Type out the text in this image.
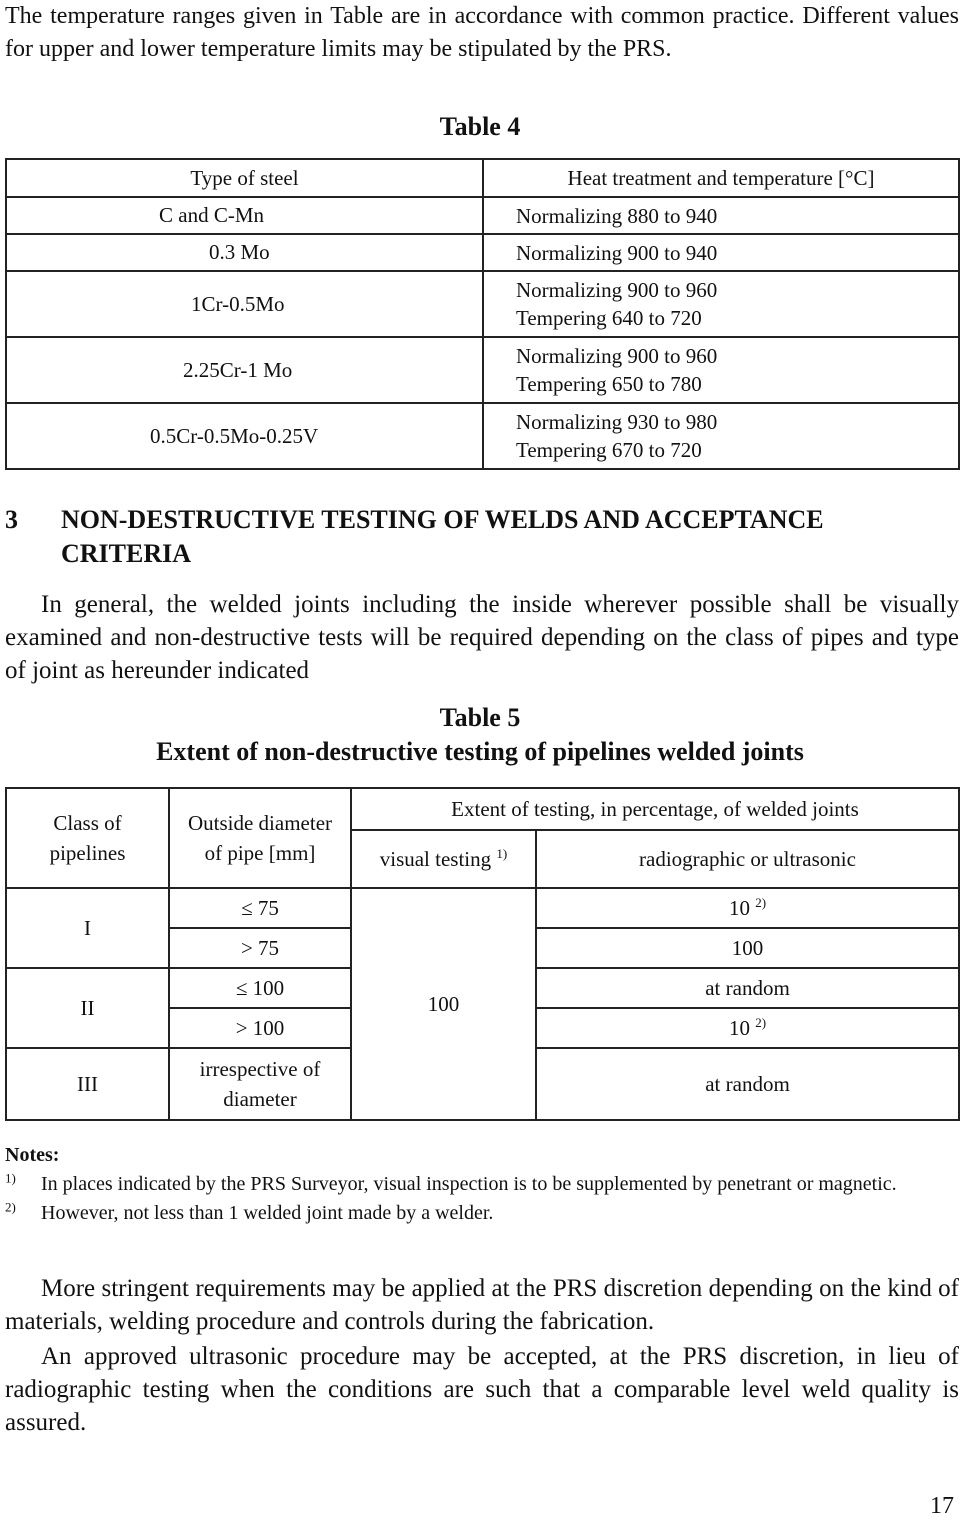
The temperature ranges given in Table are in accordance with common practice. Different values for upper and lower temperature limits may be stipulated by the PRS.
Table 4
Type of steel	Heat treatment and temperature [°C]
C and C-Mn	Normalizing 880 to 940
0.3 Mo	Normalizing 900 to 940
1Cr-0.5Mo	Normalizing 900 to 960
Tempering 640 to 720

2.25Cr-1 Mo	Normalizing 900 to 960
Tempering 650 to 780

0.5Cr-0.5Mo-0.25V	Normalizing 930 to 980
Tempering 670 to 720
3 NON-DESTRUCTIVE TESTING OF WELDS AND ACCEPTANCE CRITERIA
In general, the welded joints including the inside wherever possible shall be visually examined and non-destructive tests will be required depending on the class of pipes and type of joint as hereunder indicated
Table 5
Extent of non-destructive testing of pipelines welded joints
Class of pipelines	Outside diameter of pipe [mm]	Extent of testing, in percentage, of welded joints	
		visual testing $^{1)}$	radiographic or ultrasonic
I	≤ 75	100	10 $^{2)}$
	> 75		100
II	≤ 100		at random
	> 100		10 $^{2)}$
III	irrespective of diameter		at random
Notes:
$^{1)}$	In places indicated by the PRS Surveyor, visual inspection is to be supplemented by penetrant or magnetic.
$^{2)}$	However, not less than 1 welded joint made by a welder.
More stringent requirements may be applied at the PRS discretion depending on the kind of materials, welding procedure and controls during the fabrication.
An approved ultrasonic procedure may be accepted, at the PRS discretion, in lieu of radiographic testing when the conditions are such that a comparable level weld quality is assured.
17
